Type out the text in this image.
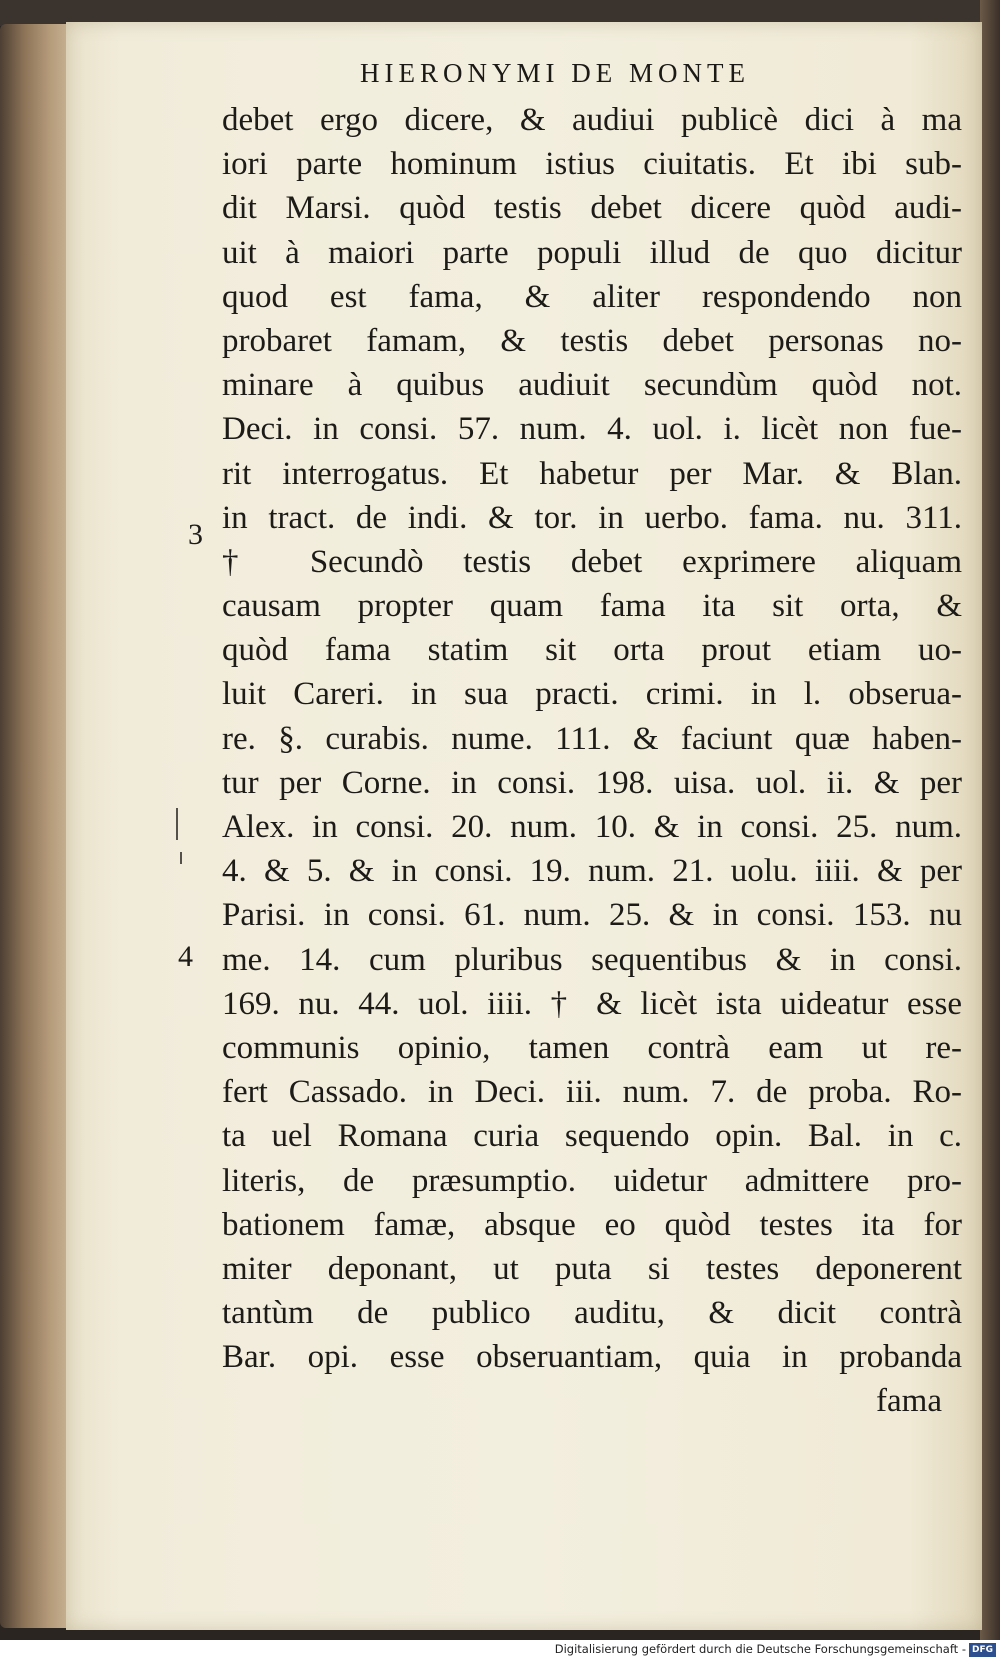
HIERONYMI DE MONTE
3
4
debet ergo dicere, & audiui publicè dici à ma
iori parte hominum istius ciuitatis. Et ibi sub-
dit Marsi. quòd testis debet dicere quòd audi-
uit à maiori parte populi illud de quo dicitur
quod est fama, & aliter respondendo non
probaret famam, & testis debet personas no-
minare à quibus audiuit secundùm quòd not.
Deci. in consi. 57. num. 4. uol. i. licèt non fue-
rit interrogatus. Et habetur per Mar. & Blan.
in tract. de indi. & tor. in uerbo. fama. nu. 311.
† Secundò testis debet exprimere aliquam
causam propter quam fama ita sit orta, &
quòd fama statim sit orta prout etiam uo-
luit Careri. in sua practi. crimi. in l. obserua-
re. §. curabis. nume. 111. & faciunt quæ haben-
tur per Corne. in consi. 198. uisa. uol. ii. & per
Alex. in consi. 20. num. 10. & in consi. 25. num.
4. & 5. & in consi. 19. num. 21. uolu. iiii. & per
Parisi. in consi. 61. num. 25. & in consi. 153. nu
me. 14. cum pluribus sequentibus & in consi.
169. nu. 44. uol. iiii. † & licèt ista uideatur esse
communis opinio, tamen contrà eam ut re-
fert Cassado. in Deci. iii. num. 7. de proba. Ro-
ta uel Romana curia sequendo opin. Bal. in c.
literis, de præsumptio. uidetur admittere pro-
bationem famæ, absque eo quòd testes ita for
miter deponant, ut puta si testes deponerent
tantùm de publico auditu, & dicit contrà
Bar. opi. esse obseruantiam, quia in probanda
fama
Digitalisierung gefördert durch die Deutsche Forschungsgemeinschaft - DFG
